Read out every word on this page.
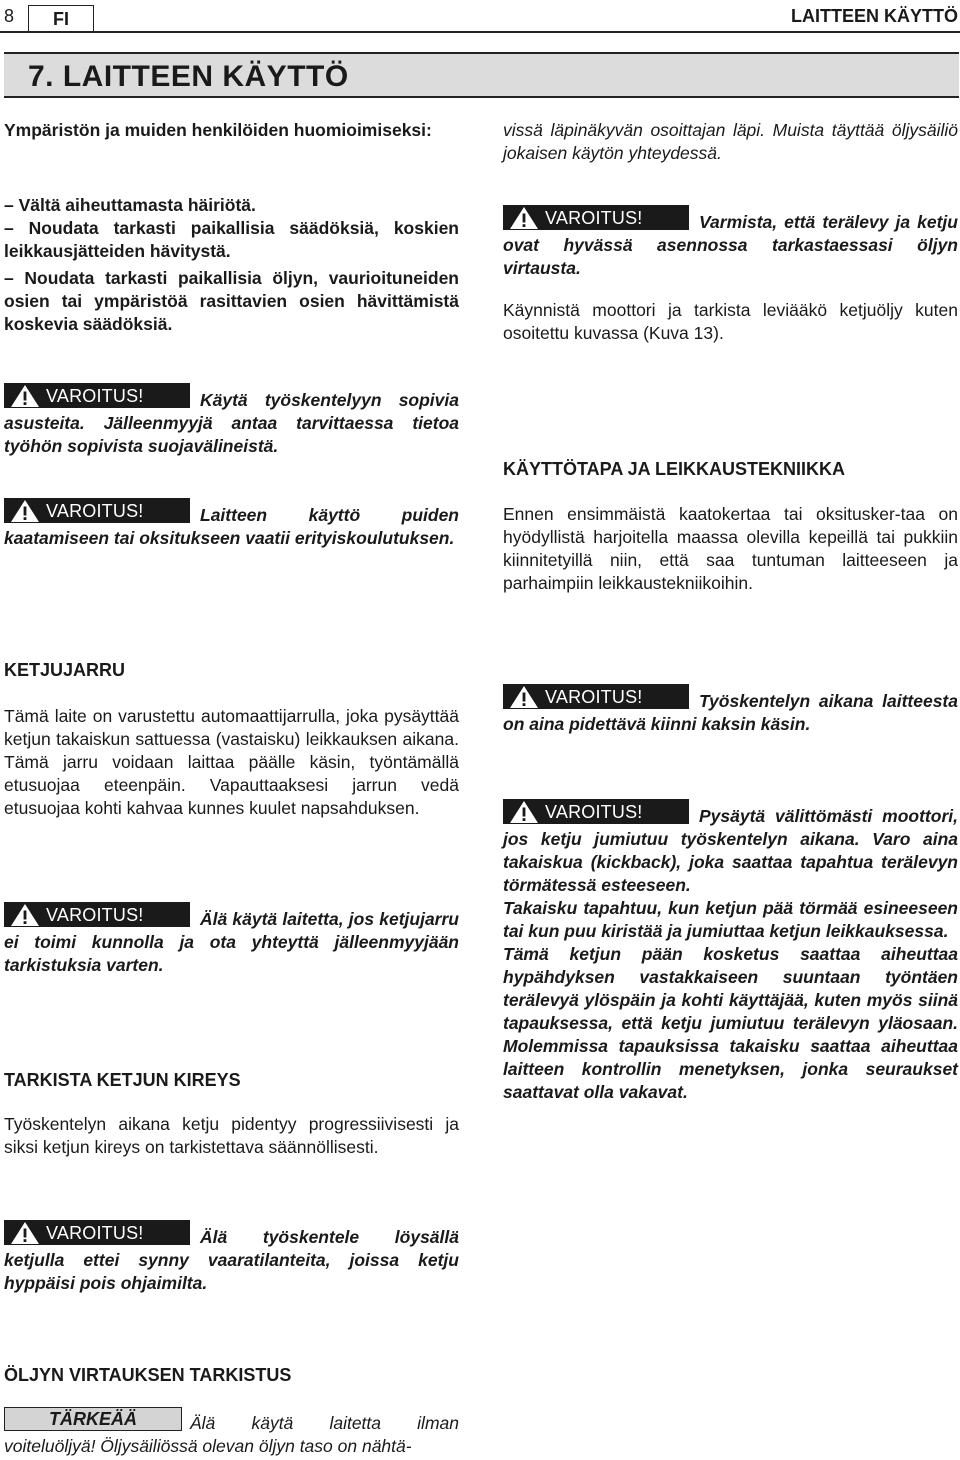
8	FI	LAITTEEN KÄYTTÖ
7. LAITTEEN KÄYTTÖ

Ympäristön ja muiden henkilöiden huomioimiseksi:

– Vältä aiheuttamasta häiriötä.

– Noudata tarkasti paikallisia säädöksiä, koskien leikkausjätteiden hävitystä.

– Noudata tarkasti paikallisia öljyn, vaurioituneiden osien tai ympäristöä rasittavien osien hävittämistä koskevia säädöksiä.

VAROITUS!	Käytä työskentelyyn sopivia asusteita. Jälleenmyyjä antaa tarvittaessa tietoa työhön sopivista suojavälineistä.
VAROITUS!	Laitteen käyttö puiden kaatamiseen tai oksitukseen vaatii erityiskoulutuksen.

KETJUJARRU

Tämä laite on varustettu automaattijarrulla, joka pysäyttää ketjun takaiskun sattuessa (vastaisku) leikkauksen aikana. Tämä jarru voidaan laittaa päälle käsin, työntämällä etusuojaa eteenpäin. Vapauttaaksesi jarrun vedä etusuojaa kohti kahvaa kunnes kuulet napsahduksen.

VAROITUS!	Älä käytä laitetta, jos ketjujarru ei toimi kunnolla ja ota yhteyttä jälleenmyyjään tarkistuksia varten.

TARKISTA KETJUN KIREYS

Työskentelyn aikana ketju pidentyy progressiivisesti ja siksi ketjun kireys on tarkistettava säännöllisesti.

VAROITUS!	Älä työskentele löysällä ketjulla ettei synny vaaratilanteita, joissa ketju hyppäisi pois ohjaimilta.

ÖLJYN VIRTAUKSEN TARKISTUS

TÄRKEÄÄ	Älä käytä laitetta ilman voiteluöljyä! Öljysäiliössä olevan öljyn taso on nähtä-

vissä läpinäkyvän osoittajan läpi. Muista täyttää öljysäiliö jokaisen käytön yhteydessä.

VAROITUS!	Varmista, että terälevy ja ketju ovat hyvässä asennossa tarkastaessasi öljyn virtausta.

Käynnistä moottori ja tarkista leviääkö ketjuöljy kuten osoitettu kuvassa (Kuva 13).

KÄYTTÖTAPA JA LEIKKAUSTEKNIIKKA

Ennen ensimmäistä kaatokertaa tai oksitusker-taa on hyödyllistä harjoitella maassa olevilla kepeillä tai pukkiin kiinnitetyillä niin, että saa tuntuman laitteeseen ja parhaimpiin leikkaustekniikoihin.

VAROITUS!	Työskentelyn aikana laitteesta on aina pidettävä kiinni kaksin käsin.
VAROITUS!	Pysäytä välittömästi moottori, jos ketju jumiutuu työskentelyn aikana. Varo aina takaiskua (kickback), joka saattaa tapahtua terälevyn törmätessä esteeseen.

Takaisku tapahtuu, kun ketjun pää törmää esineeseen tai kun puu kiristää ja jumiuttaa ketjun leikkauksessa.

Tämä ketjun pään kosketus saattaa aiheuttaa hypähdyksen vastakkaiseen suuntaan työntäen terälevyä ylöspäin ja kohti käyttäjää, kuten myös siinä tapauksessa, että ketju jumiutuu terälevyn yläosaan. Molemmissa tapauksissa takaisku saattaa aiheuttaa laitteen kontrollin menetyksen, jonka seuraukset saattavat olla vakavat.
